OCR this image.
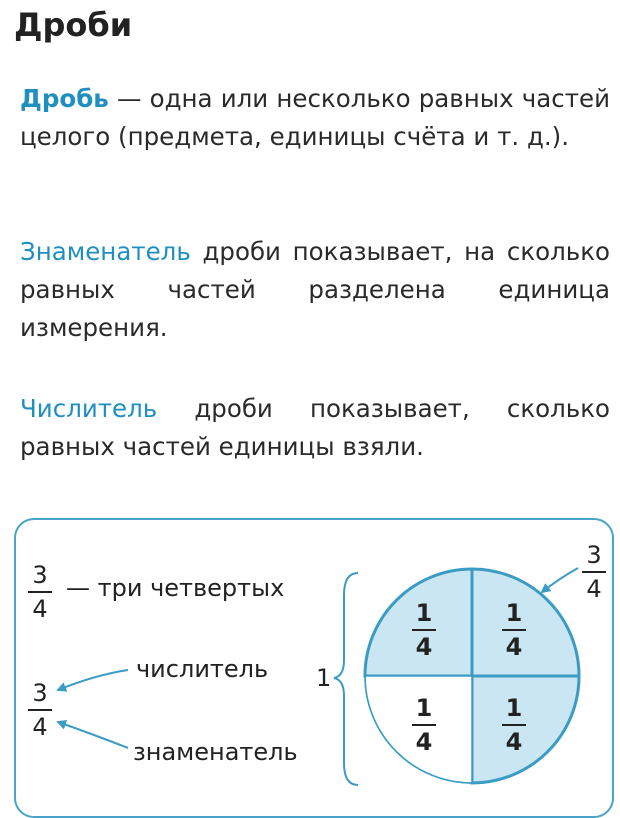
Дроби

Дробь — одна или несколько равных частей целого (предмета, единицы счёта и т. д.).

Знаменатель дроби показывает, на сколько равных частей разделена единица измерения.

Числитель дроби показывает, сколько равных частей единицы взяли.

3
4
— три четвертых
3
4
числитель
знаменатель
1
3
4
1
4
1
4
1
4
1
4
